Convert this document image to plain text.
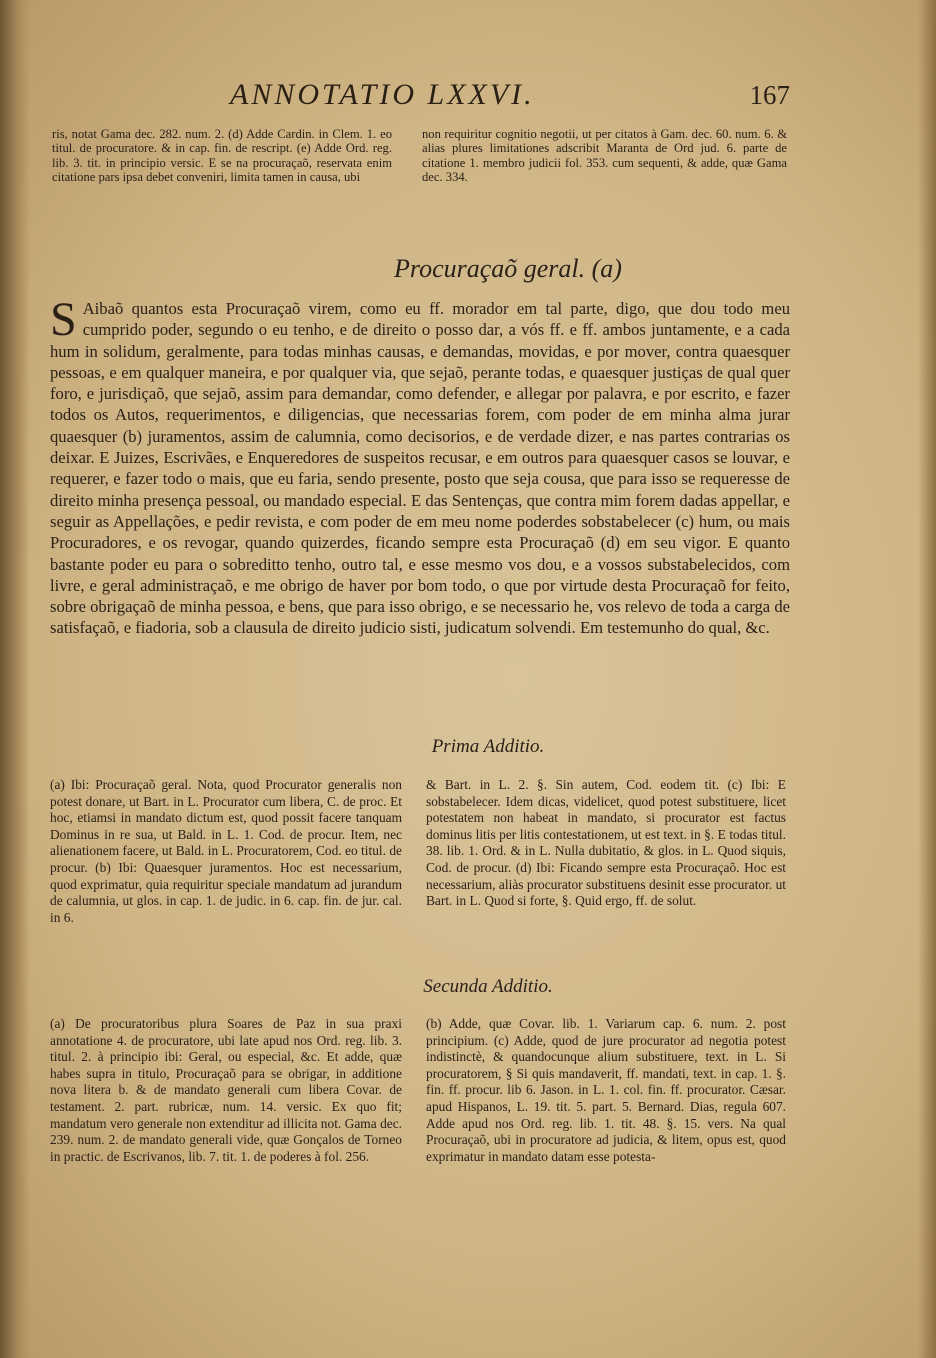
ANNOTATIO LXXVI.	167

ris, notat Gama dec. 282. num. 2. (d) Adde Cardin. in Clem. 1. eo titul. de procuratore. & in cap. fin. de rescript. (e) Adde Ord. reg. lib. 3. tit. in principio versic. E se na procuraçaõ, reservata enim citatione pars ipsa debet conveniri, limita tamen in causa, ubi

non requiritur cognitio negotii, ut per citatos à Gam. dec. 60. num. 6. & alias plures limitationes adscribit Maranta de Ord jud. 6. parte de citatione 1. membro judicii fol. 353. cum sequenti, & adde, quæ Gama dec. 334.

Procuraçaõ geral. (a)
S Aibaõ quantos esta Procuraçaõ virem, como eu ff. morador em tal parte, digo, que dou todo meu cumprido poder, segundo o eu tenho, e de direito o posso dar, a vós ff. e ff. ambos juntamente, e a cada hum in solidum, geralmente, para todas minhas causas, e demandas, movidas, e por mover, contra quaesquer pessoas, e em qualquer maneira, e por qualquer via, que sejaõ, perante todas, e quaesquer justiças de qual quer foro, e jurisdiçaõ, que sejaõ, assim para demandar, como defender, e allegar por palavra, e por escrito, e fazer todos os Autos, requerimentos, e diligencias, que necessarias forem, com poder de em minha alma jurar quaesquer (b) juramentos, assim de calumnia, como decisorios, e de verdade dizer, e nas partes contrarias os deixar. E Juizes, Escrivães, e Enqueredores de suspeitos recusar, e em outros para quaesquer casos se louvar, e requerer, e fazer todo o mais, que eu faria, sendo presente, posto que seja cousa, que para isso se requeresse de direito minha presença pessoal, ou mandado especial. E das Sentenças, que contra mim forem dadas appellar, e seguir as Appellações, e pedir revista, e com poder de em meu nome poderdes sobstabelecer (c) hum, ou mais Procuradores, e os revogar, quando quizerdes, ficando sempre esta Procuraçaõ (d) em seu vigor. E quanto bastante poder eu para o sobreditto tenho, outro tal, e esse mesmo vos dou, e a vossos substabelecidos, com livre, e geral administraçaõ, e me obrigo de haver por bom todo, o que por virtude desta Procuraçaõ for feito, sobre obrigaçaõ de minha pessoa, e bens, que para isso obrigo, e se necessario he, vos relevo de toda a carga de satisfaçaõ, e fiadoria, sob a clausula de direito judicio sisti, judicatum solvendi. Em testemunho do qual, &c.
Prima Additio.

(a) Ibi: Procuraçaõ geral. Nota, quod Procurator generalis non potest donare, ut Bart. in L. Procurator cum libera, C. de proc. Et hoc, etiamsi in mandato dictum est, quod possit facere tanquam Dominus in re sua, ut Bald. in L. 1. Cod. de procur. Item, nec alienationem facere, ut Bald. in L. Procuratorem, Cod. eo titul. de procur. (b) Ibi: Quaesquer juramentos. Hoc est necessarium, quod exprimatur, quia requiritur speciale mandatum ad jurandum de calumnia, ut glos. in cap. 1. de judic. in 6. cap. fin. de jur. cal. in 6.

& Bart. in L. 2. §. Sin autem, Cod. eodem tit. (c) Ibi: E sobstabelecer. Idem dicas, videlicet, quod potest substituere, licet potestatem non habeat in mandato, si procurator est factus dominus litis per litis contestationem, ut est text. in §. E todas titul. 38. lib. 1. Ord. & in L. Nulla dubitatio, & glos. in L. Quod siquis, Cod. de procur. (d) Ibi: Ficando sempre esta Procuraçaõ. Hoc est necessarium, aliàs procurator substituens desinit esse procurator. ut Bart. in L. Quod si forte, §. Quid ergo, ff. de solut.

Secunda Additio.

(a) De procuratoribus plura Soares de Paz in sua praxi annotatione 4. de procuratore, ubi late apud nos Ord. reg. lib. 3. titul. 2. à principio ibi: Geral, ou especial, &c. Et adde, quæ habes supra in titulo, Procuraçaõ para se obrigar, in additione nova litera b. & de mandato generali cum libera Covar. de testament. 2. part. rubricæ, num. 14. versic. Ex quo fit; mandatum vero generale non extenditur ad illicita not. Gama dec. 239. num. 2. de mandato generali vide, quæ Gonçalos de Torneo in practic. de Escrivanos, lib. 7. tit. 1. de poderes à fol. 256.

(b) Adde, quæ Covar. lib. 1. Variarum cap. 6. num. 2. post principium. (c) Adde, quod de jure procurator ad negotia potest indistinctè, & quandocunque alium substituere, text. in L. Si procuratorem, § Si quis mandaverit, ff. mandati, text. in cap. 1. §. fin. ff. procur. lib 6. Jason. in L. 1. col. fin. ff. procurator. Cæsar. apud Hispanos, L. 19. tit. 5. part. 5. Bernard. Dias, regula 607. Adde apud nos Ord. reg. lib. 1. tit. 48. §. 15. vers. Na qual Procuraçaõ, ubi in procuratore ad judicia, & litem, opus est, quod exprimatur in mandato datam esse potesta-
